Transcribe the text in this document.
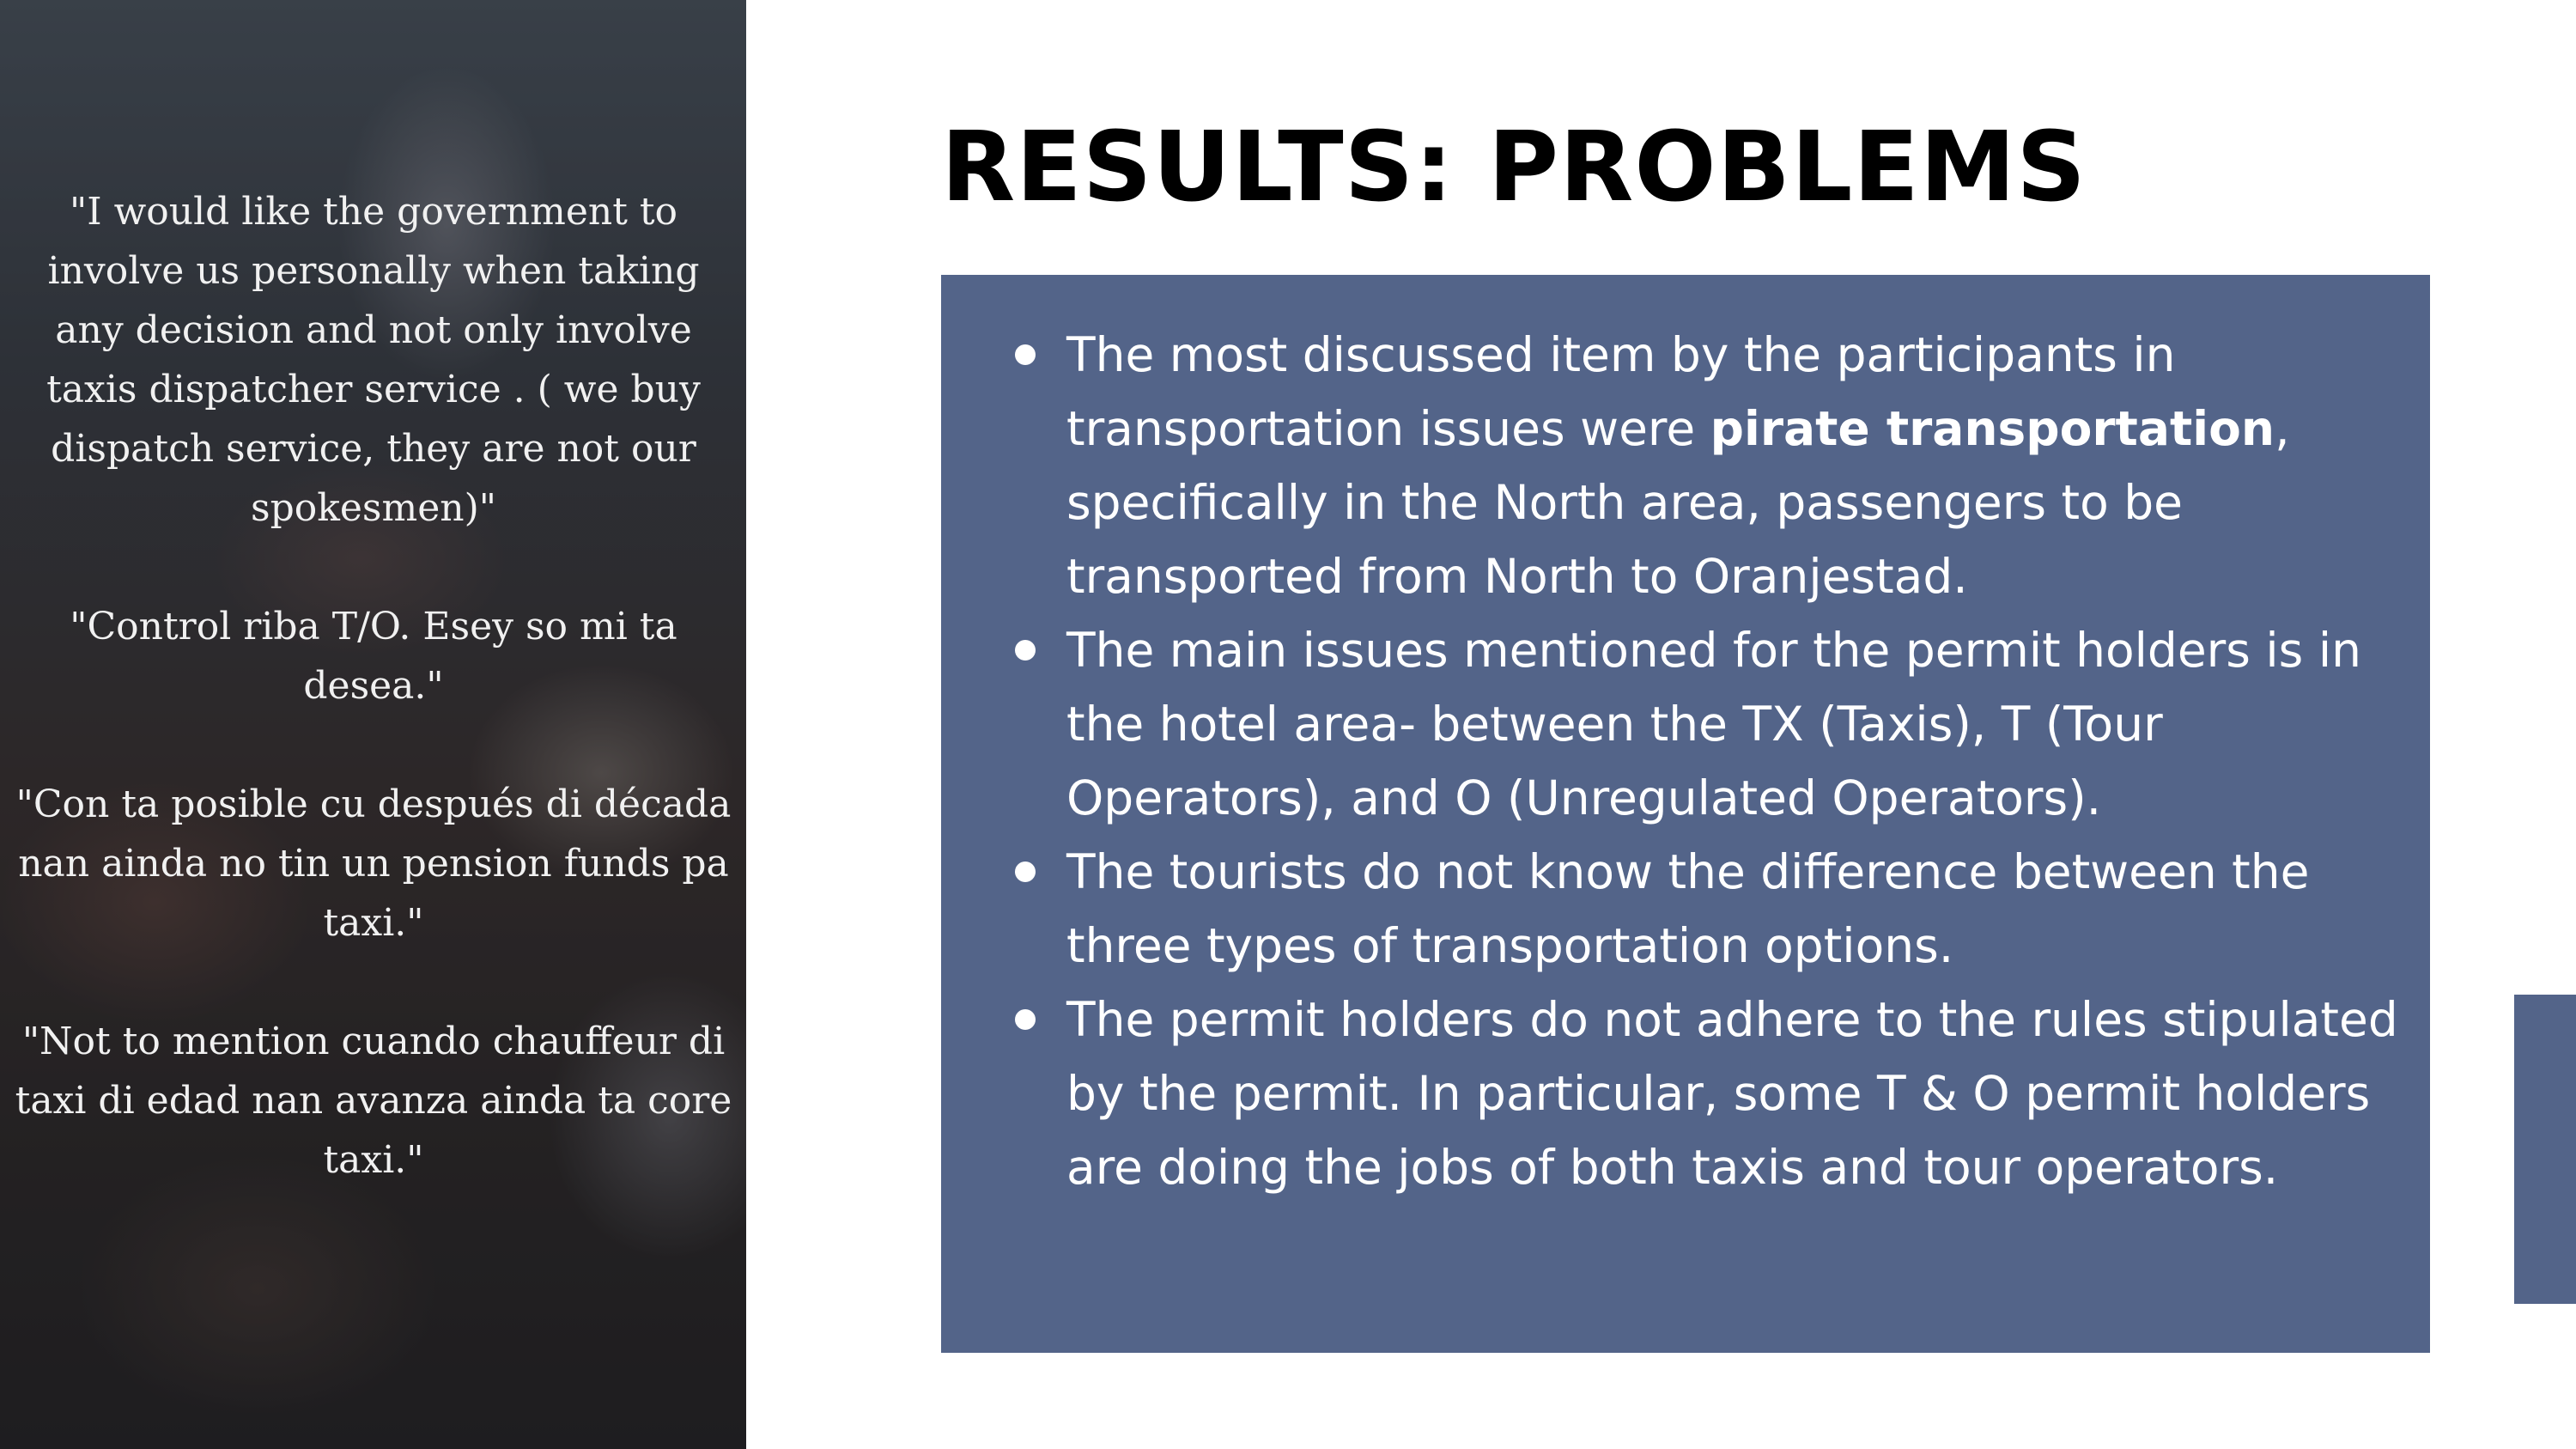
"I would like the government to involve us personally when taking any decision and not only involve taxis dispatcher service . ( we buy dispatch service, they are not our spokesmen)"

"Control riba T/O. Esey so mi ta desea."

"Con ta posible cu después di década nan ainda no tin un pension funds pa taxi."

"Not to mention cuando chauffeur di taxi di edad nan avanza ainda ta core taxi."

RESULTS: PROBLEMS
The most discussed item by the participants in transportation issues were pirate transportation, specifically in the North area, passengers to be transported from North to Oranjestad.
The main issues mentioned for the permit holders is in the hotel area- between the TX (Taxis), T (Tour Operators), and O (Unregulated Operators).
The tourists do not know the difference between the three types of transportation options.
The permit holders do not adhere to the rules stipulated by the permit. In particular, some T & O permit holders are doing the jobs of both taxis and tour operators.
